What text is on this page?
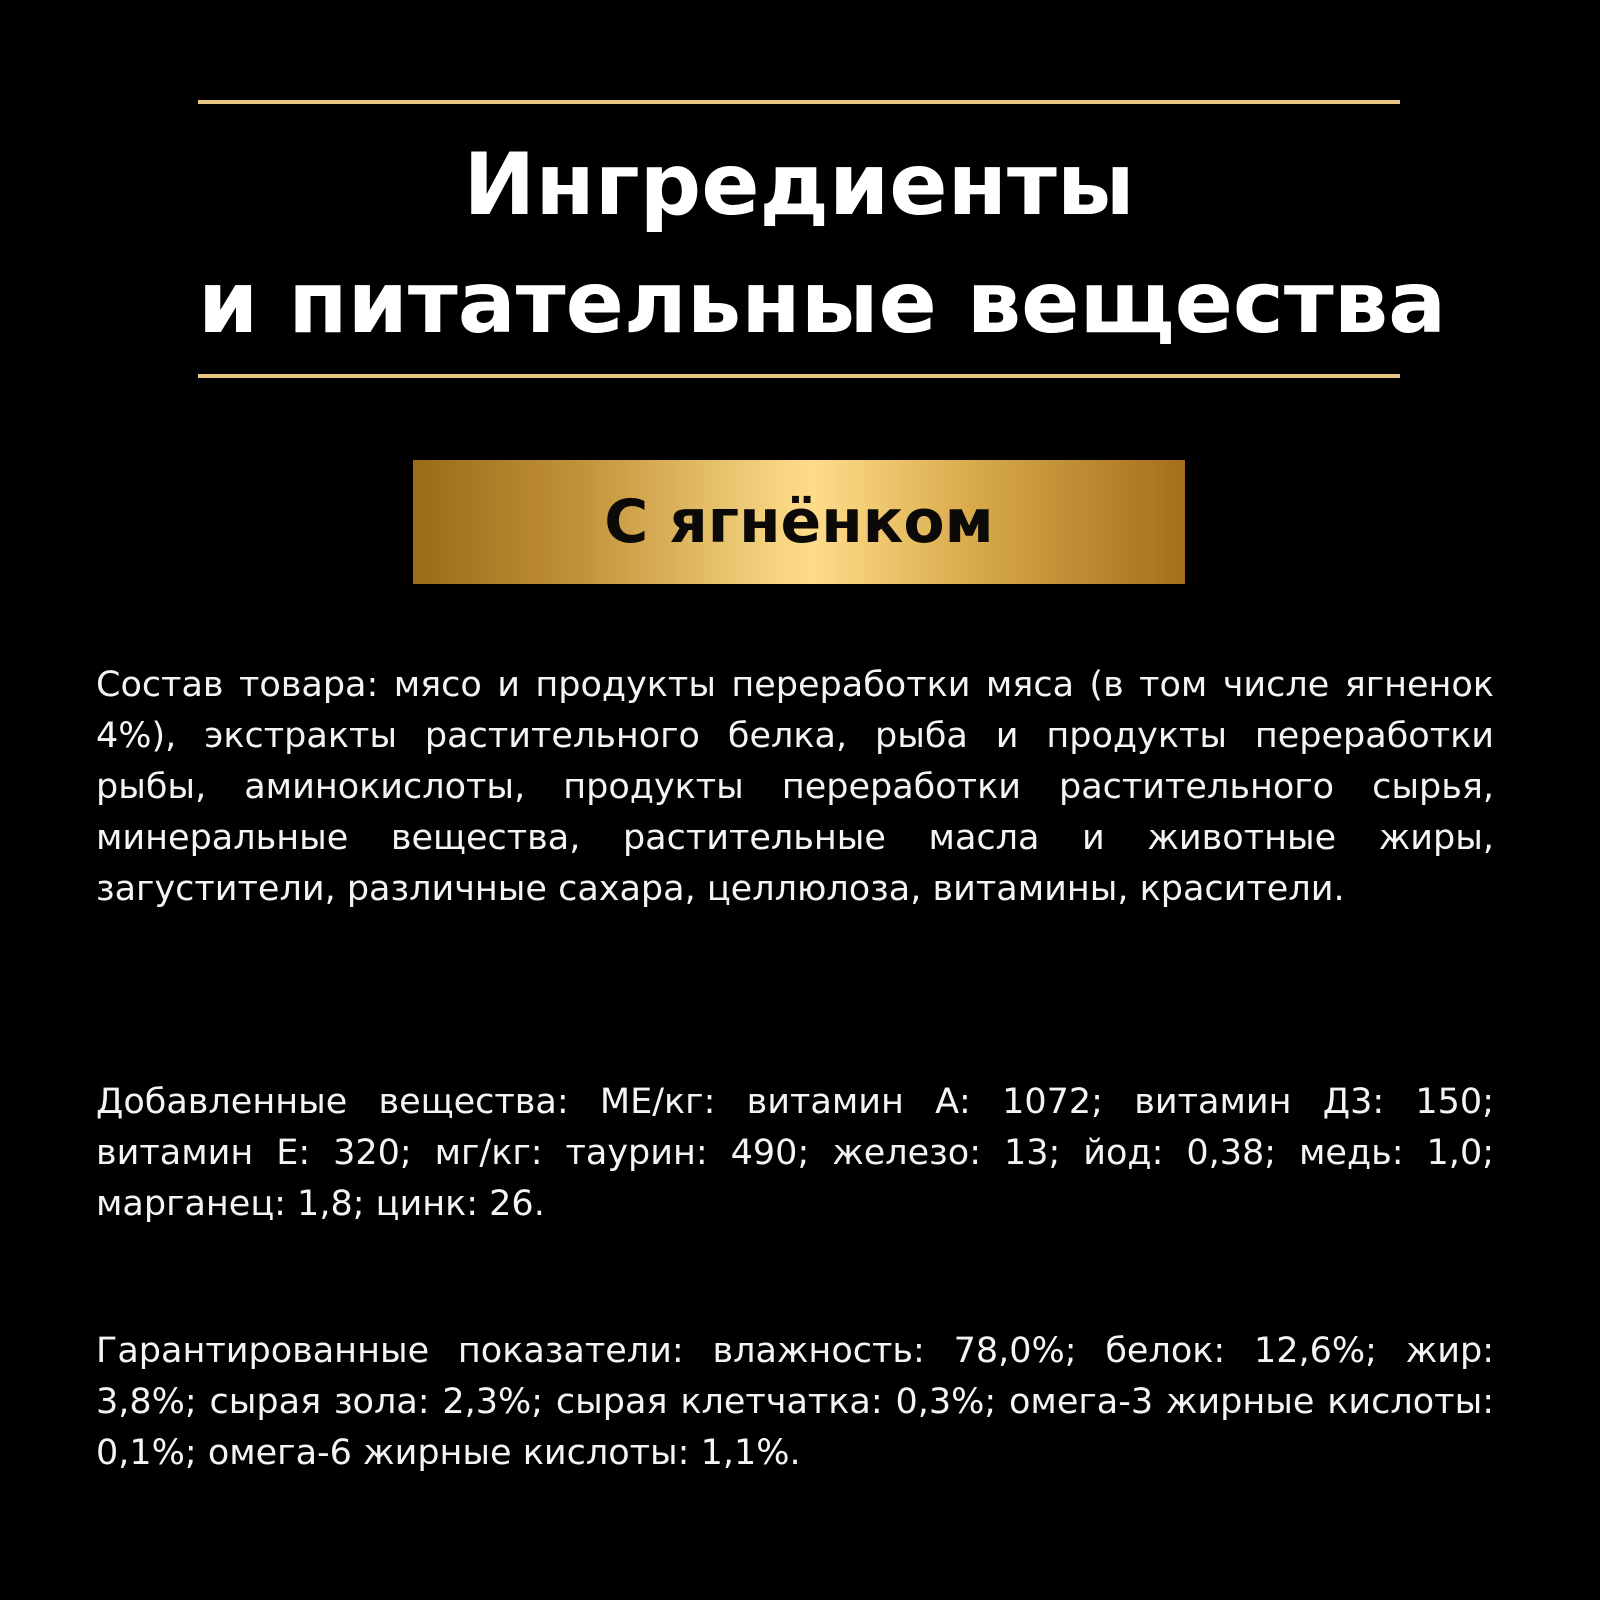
Ингредиенты
и питательные вещества
С ягнёнком

Состав товара: мясо и продукты переработки мяса (в том числе ягненок 4%), экстракты растительного белка, рыба и продукты переработки рыбы, аминокислоты, продукты переработки растительного сырья, минеральные вещества, растительные масла и животные жиры, загустители, различные сахара, целлюлоза, витамины, красители.

Добавленные вещества: МЕ/кг: витамин А: 1072; витамин Д3: 150; витамин Е: 320; мг/кг: таурин: 490; железо: 13; йод: 0,38; медь: 1,0; марганец: 1,8; цинк: 26.

Гарантированные показатели: влажность: 78,0%; белок: 12,6%; жир: 3,8%; сырая зола: 2,3%; сырая клетчатка: 0,3%; омега-3 жирные кислоты: 0,1%; омега-6 жирные кислоты: 1,1%.
